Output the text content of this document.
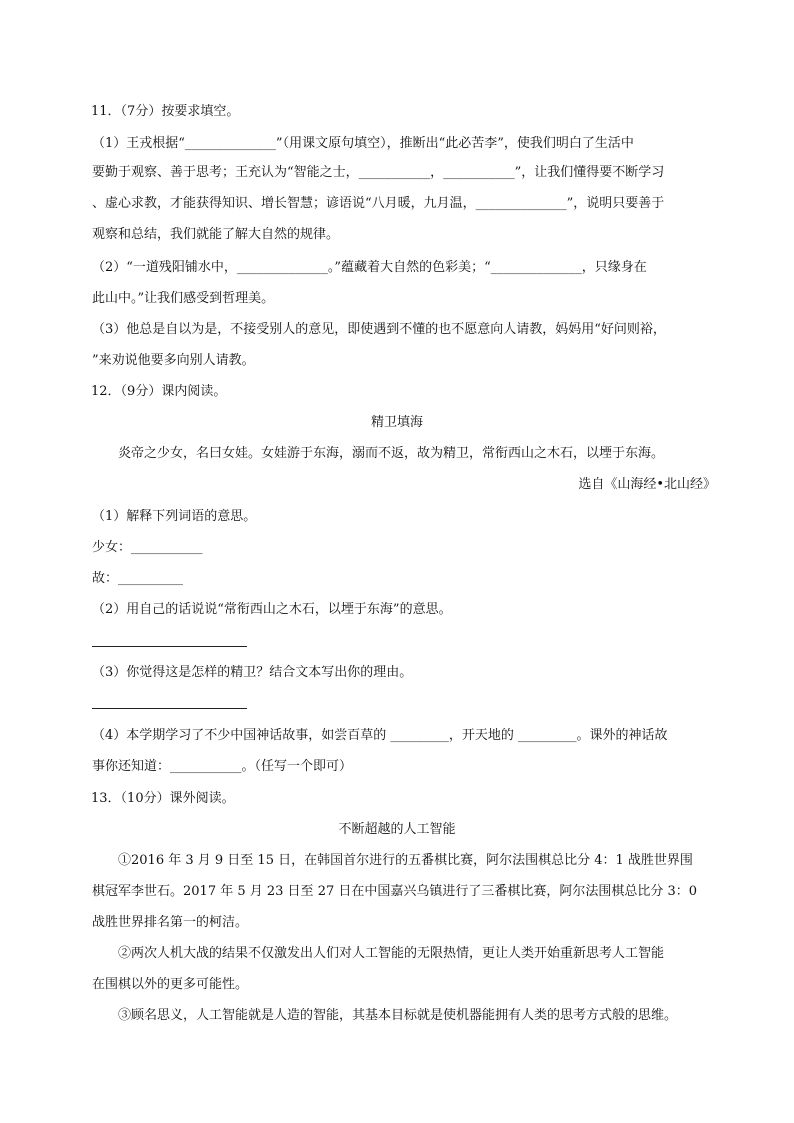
11．（7分）按要求填空。
（1）王戎根据“______________”（用课文原句填空），推断出“此必苦李”，使我们明白了生活中
要勤于观察、善于思考；王充认为“智能之士，___________，___________”，让我们懂得要不断学习
、虚心求教，才能获得知识、增长智慧；谚语说“八月暖，九月温，______________”，说明只要善于
观察和总结，我们就能了解大自然的规律。
（2）“一道残阳铺水中，______________。”蕴藏着大自然的色彩美；“______________，只缘身在
此山中。”让我们感受到哲理美。
（3）他总是自以为是，不接受别人的意见，即使遇到不懂的也不愿意向人请教，妈妈用“好问则裕，
”来劝说他要多向别人请教。
12．（9分）课内阅读。
精卫填海
炎帝之少女，名曰女娃。女娃游于东海，溺而不返，故为精卫，常衔西山之木石，以堙于东海。
选自《山海经•北山经》
（1）解释下列词语的意思。
少女：___________
故：__________
（2）用自己的话说说“常衔西山之木石，以堙于东海”的意思。
（3）你觉得这是怎样的精卫？结合文本写出你的理由。
（4）本学期学习了不少中国神话故事，如尝百草的 _________，开天地的 _________。课外的神话故
事你还知道：___________。（任写一个即可）
13．（10分）课外阅读。
不断超越的人工智能
①2016 年 3 月 9 日至 15 日，在韩国首尔进行的五番棋比赛，阿尔法围棋总比分 4：1 战胜世界围
棋冠军李世石。2017 年 5 月 23 日至 27 日在中国嘉兴乌镇进行了三番棋比赛，阿尔法围棋总比分 3：0
战胜世界排名第一的柯洁。
②两次人机大战的结果不仅激发出人们对人工智能的无限热情，更让人类开始重新思考人工智能
在围棋以外的更多可能性。
③顾名思义，人工智能就是人造的智能，其基本目标就是使机器能拥有人类的思考方式般的思维。
